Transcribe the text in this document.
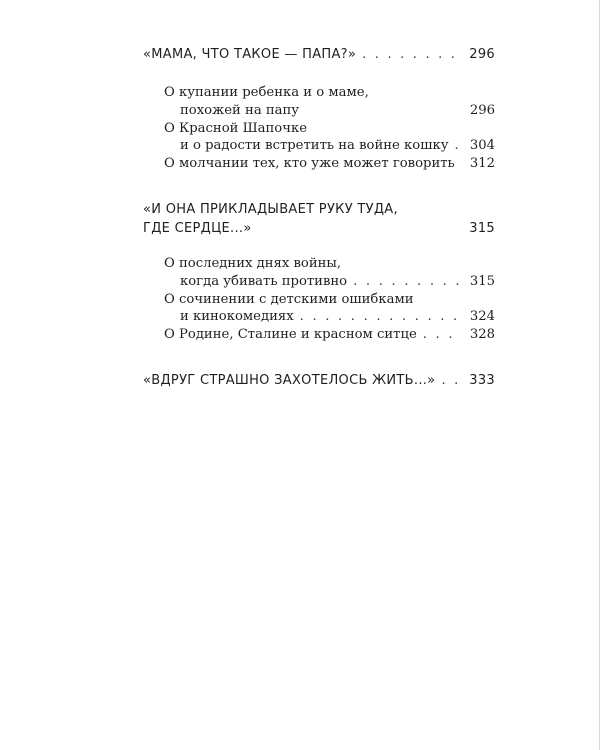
«МАМА, ЧТО ТАКОЕ — ПАПА?» . . .	296
О купании ребенка и о маме,
похожей на папу	296
О Красной Шапочке
и о радости встретить на войне кошку . . . 304
О молчании тех, кто уже может говорить . . . 312
«И ОНА ПРИКЛАДЫВАЕТ РУКУ ТУДА,
ГДЕ СЕРДЦЕ...»	315
О последних днях войны,
когда убивать противно . . .	315
О сочинении с детскими ошибками
и кинокомедиях . . .	324
О Родине, Сталине и красном ситце . . .	328
«ВДРУГ СТРАШНО ЗАХОТЕЛОСЬ ЖИТЬ...» . . .	333
